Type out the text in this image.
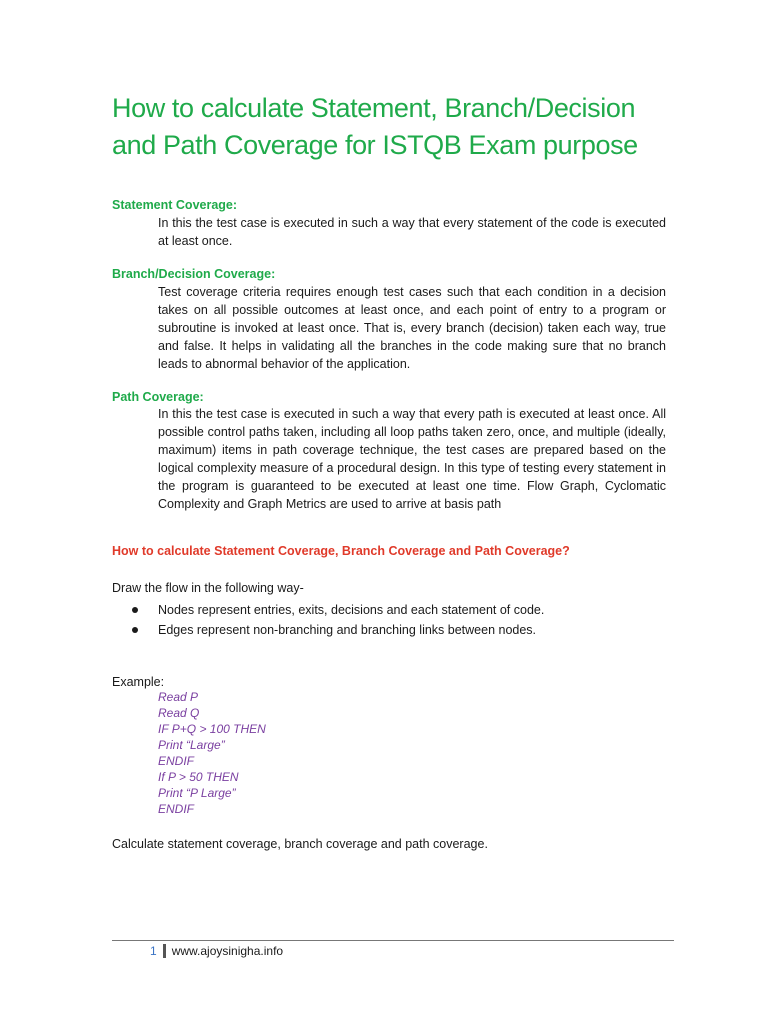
How to calculate Statement, Branch/Decision and Path Coverage for ISTQB Exam purpose
Statement Coverage:

In this the test case is executed in such a way that every statement of the code is executed at least once.

Branch/Decision Coverage:

Test coverage criteria requires enough test cases such that each condition in a decision takes on all possible outcomes at least once, and each point of entry to a program or subroutine is invoked at least once. That is, every branch (decision) taken each way, true and false. It helps in validating all the branches in the code making sure that no branch leads to abnormal behavior of the application.

Path Coverage:

In this the test case is executed in such a way that every path is executed at least once. All possible control paths taken, including all loop paths taken zero, once, and multiple (ideally, maximum) items in path coverage technique, the test cases are prepared based on the logical complexity measure of a procedural design. In this type of testing every statement in the program is guaranteed to be executed at least one time. Flow Graph, Cyclomatic Complexity and Graph Metrics are used to arrive at basis path

How to calculate Statement Coverage, Branch Coverage and Path Coverage?

Draw the flow in the following way-

Nodes represent entries, exits, decisions and each statement of code.
Edges represent non-branching and branching links between nodes.

Example:

Read P
Read Q
IF P+Q > 100 THEN
Print “Large”
ENDIF
If P > 50 THEN
Print “P Large”
ENDIF

Calculate statement coverage, branch coverage and path coverage.

1 www.ajoysinigha.info
